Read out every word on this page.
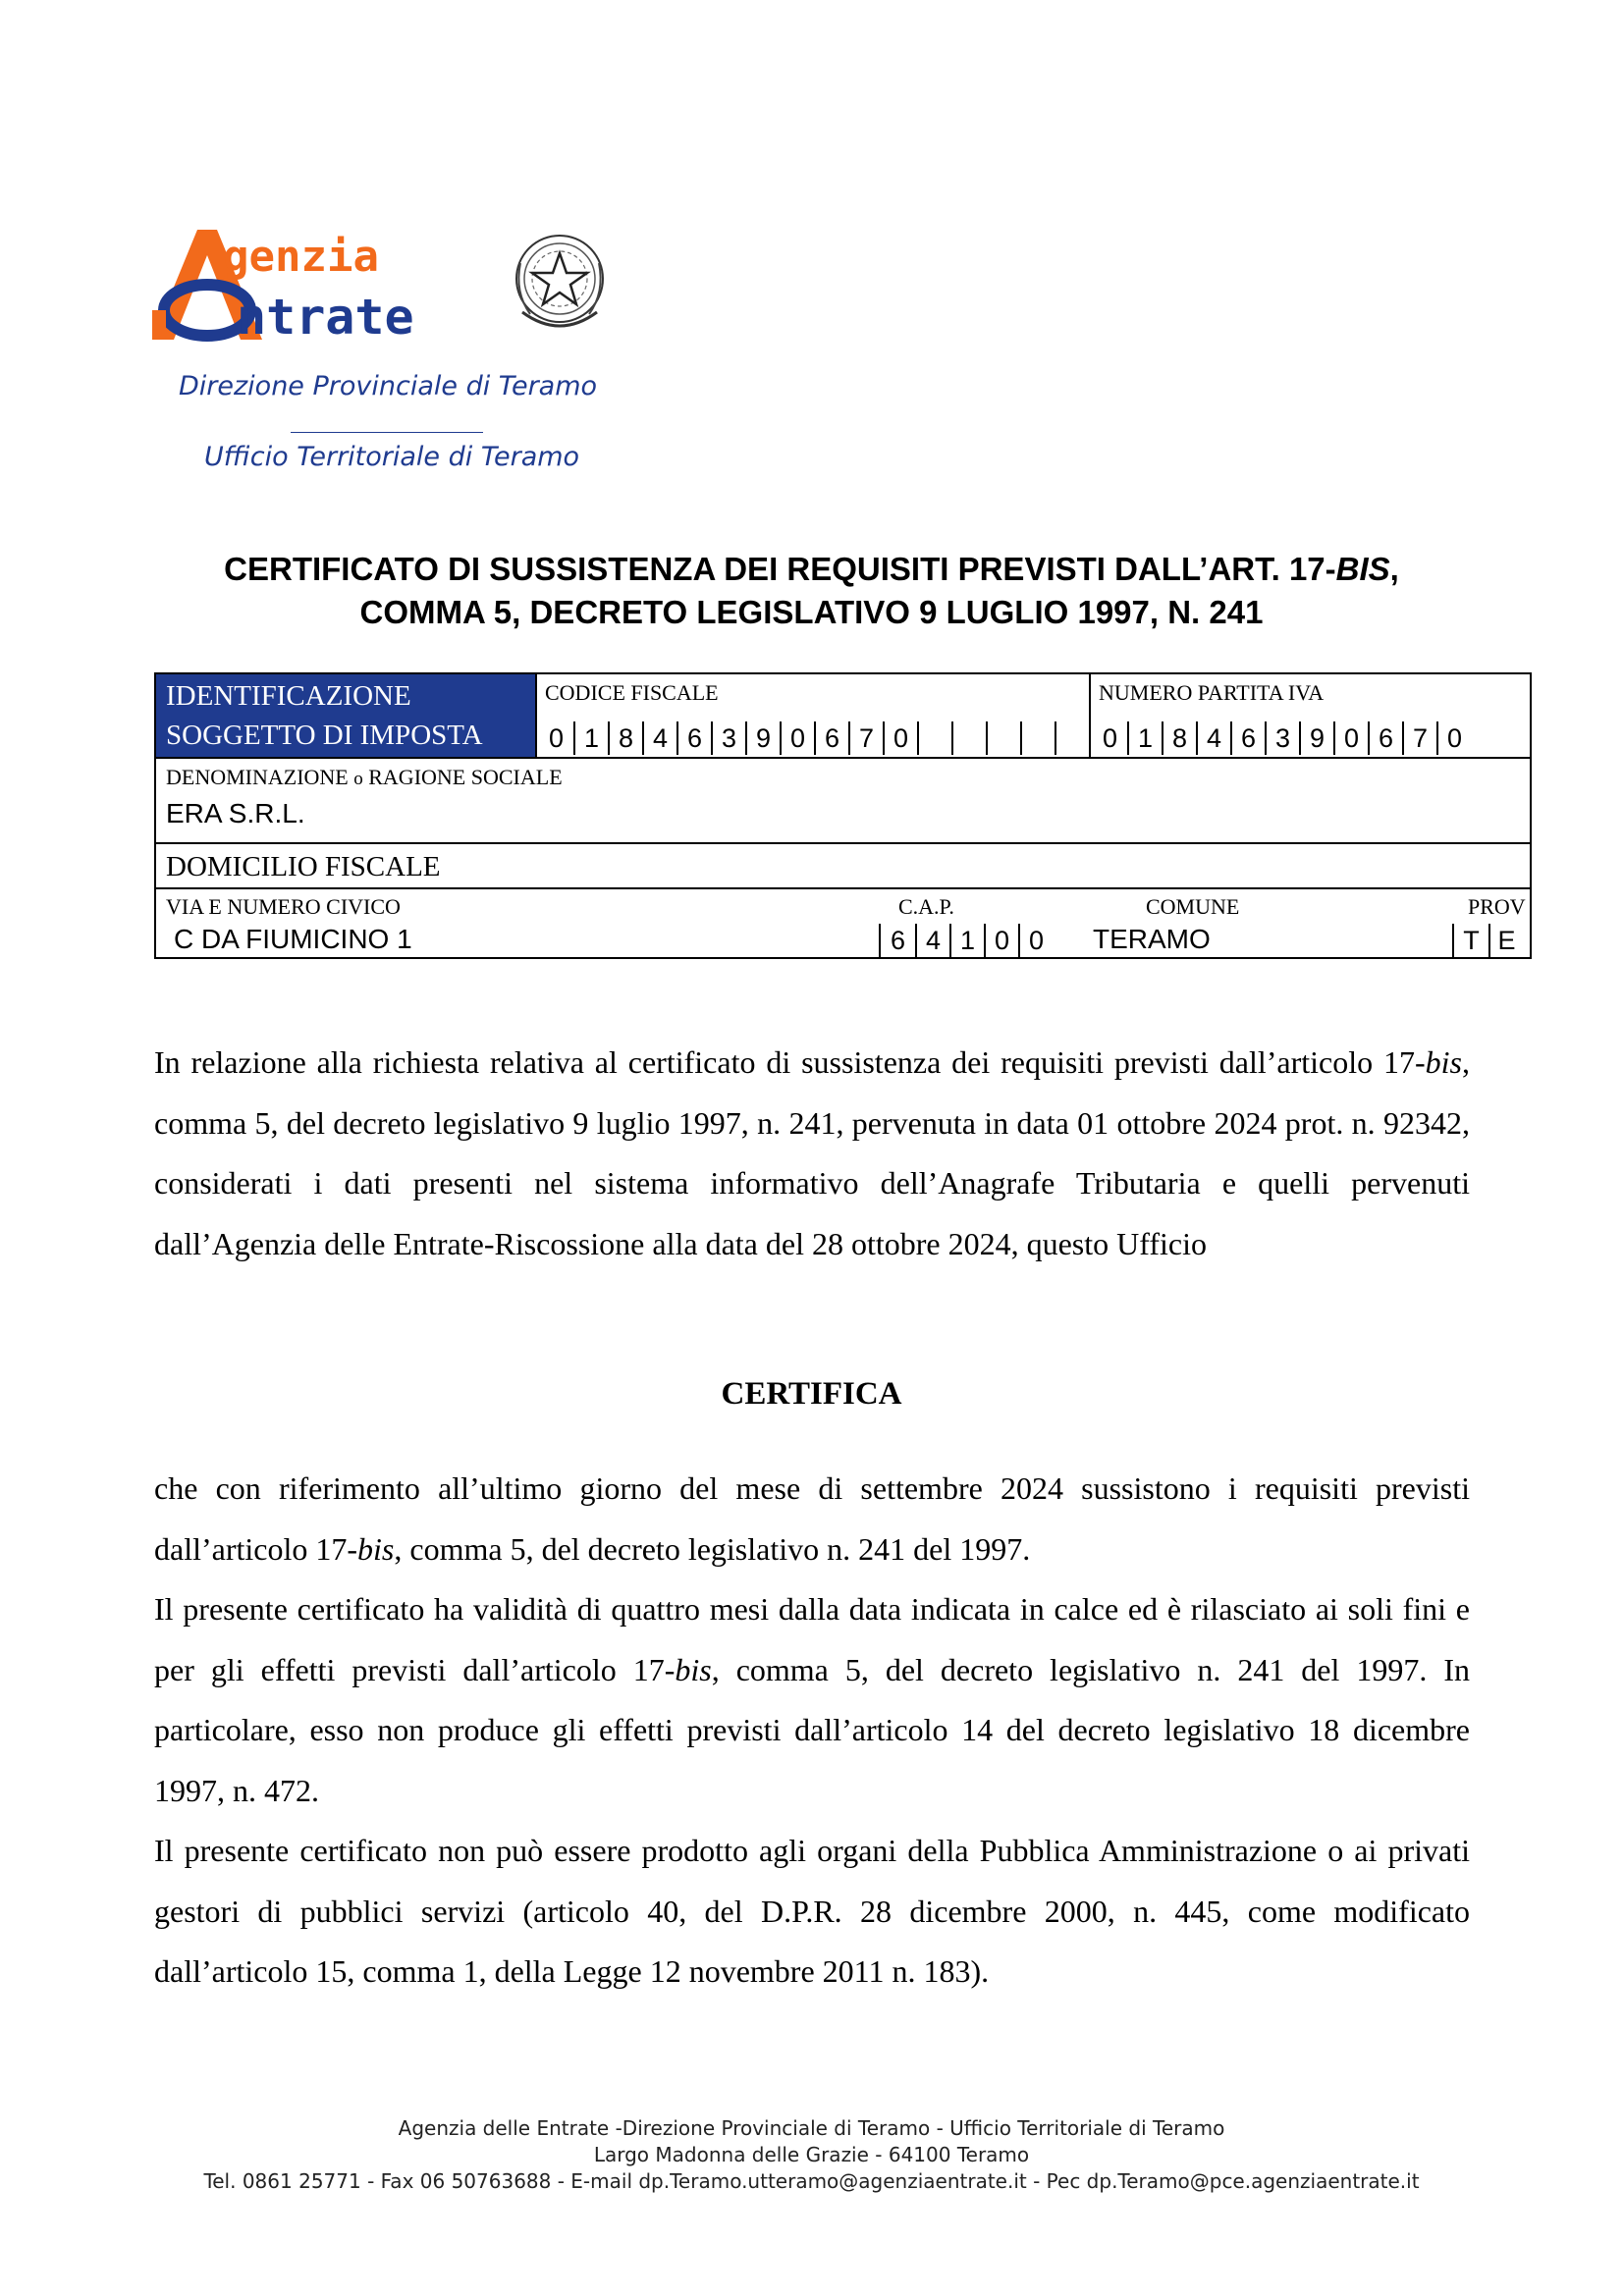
genzia
ntrate
Direzione Provinciale di Teramo
Ufficio Territoriale di Teramo
CERTIFICATO DI SUSSISTENZA DEI REQUISITI PREVISTI DALL’ART. 17-BIS,
COMMA 5, DECRETO LEGISLATIVO 9 LUGLIO 1997, N. 241
IDENTIFICAZIONE
SOGGETTO DI IMPOSTA
CODICE FISCALE
0 1 8 4 6 3 9 0 6 7 0
NUMERO PARTITA IVA
0 1 8 4 6 3 9 0 6 7 0
DENOMINAZIONE o RAGIONE SOCIALE
ERA S.R.L.
DOMICILIO FISCALE
VIA E NUMERO CIVICO
C DA FIUMICINO 1
C.A.P.
6 4 1 0 0
COMUNE
TERAMO
PROV
T E
In relazione alla richiesta relativa al certificato di sussistenza dei requisiti previsti dall’articolo 17-bis, comma 5, del decreto legislativo 9 luglio 1997, n. 241, pervenuta in data 01 ottobre 2024 prot. n. 92342, considerati i dati presenti nel sistema informativo dell’Anagrafe Tributaria e quelli pervenuti dall’Agenzia delle Entrate-Riscossione alla data del 28 ottobre 2024, questo Ufficio
CERTIFICA
che con riferimento all’ultimo giorno del mese di settembre 2024 sussistono i requisiti previsti dall’articolo 17-bis, comma 5, del decreto legislativo n. 241 del 1997.
Il presente certificato ha validità di quattro mesi dalla data indicata in calce ed è rilasciato ai soli fini e per gli effetti previsti dall’articolo 17-bis, comma 5, del decreto legislativo n. 241 del 1997. In particolare, esso non produce gli effetti previsti dall’articolo 14 del decreto legislativo 18 dicembre 1997, n. 472.
Il presente certificato non può essere prodotto agli organi della Pubblica Amministrazione o ai privati gestori di pubblici servizi (articolo 40, del D.P.R. 28 dicembre 2000, n. 445, come modificato dall’articolo 15, comma 1, della Legge 12 novembre 2011 n. 183).
Agenzia delle Entrate -Direzione Provinciale di Teramo - Ufficio Territoriale di Teramo
Largo Madonna delle Grazie - 64100 Teramo
Tel. 0861 25771 - Fax 06 50763688 - E-mail dp.Teramo.utteramo@agenziaentrate.it - Pec dp.Teramo@pce.agenziaentrate.it
